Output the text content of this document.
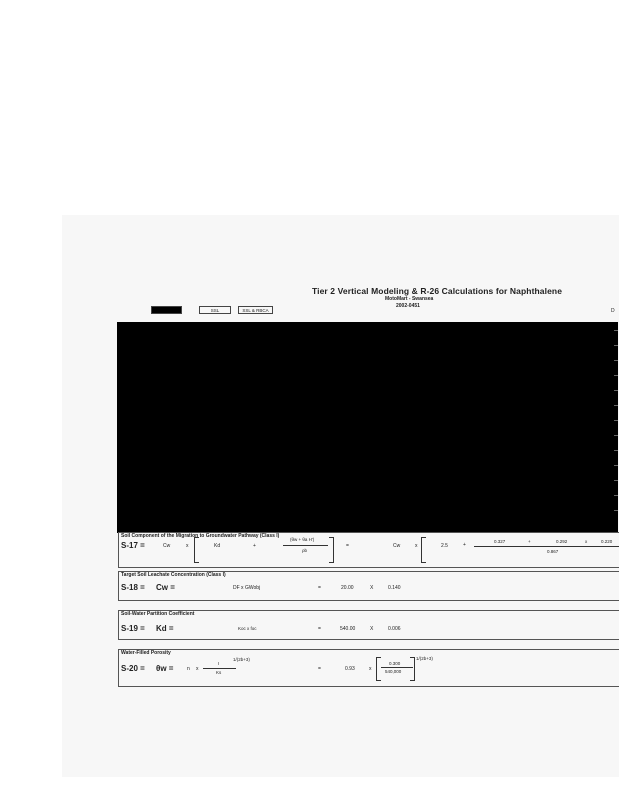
Tier 2 Vertical Modeling & R-26 Calculations for Naphthalene
MotoMart - Swansea
2002-0451
SSL	SSL & RBCA	D
Soil Component of the Migration to Groundwater Pathway (Class I)
S-17 =	Cw	x	Kd	+
(θw + θa H')
ρb
=	Cw	x	2.5	+
0.327	+	0.292	x	0.220
0.867
Target Soil Leachate Concentration (Class I)
S-18 = Cw =	DF x GWobj	=	20.00	X	0.140
Soil-Water Partition Coefficient
S-19 = Kd =	Koc x foc	=	540.00	X	0.006
Water-Filled Porosity
S-20 = θw =	n x
I
1/(2b+3)
Ks
=	0.93	x
0.300
540,000
1/(2b+3)
